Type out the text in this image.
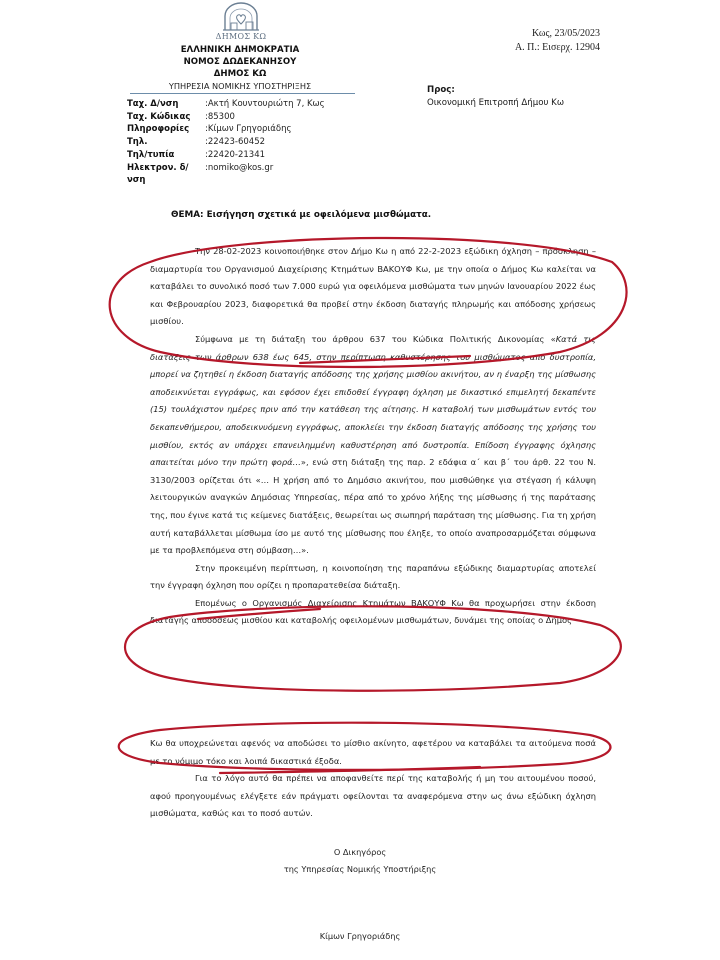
ΔΗΜΟΣ ΚΩ
ΕΛΛΗΝΙΚΗ ΔΗΜΟΚΡΑΤΙΑ
ΝΟΜΟΣ ΔΩΔΕΚΑΝΗΣΟΥ
ΔΗΜΟΣ ΚΩ
ΥΠΗΡΕΣΙΑ ΝΟΜΙΚΗΣ ΥΠΟΣΤΗΡΙΞΗΣ
Ταχ. Δ/νση	:Ακτή Κουντουριώτη 7, Κως
Ταχ. Κώδικας	:85300
Πληροφορίες	:Κίμων Γρηγοριάδης
Τηλ.	:22423-60452
Τηλ/τυπία	:22420-21341
Ηλεκτρον. δ/νση
:nomiko@kos.gr
Κως, 23/05/2023
Α. Π.: Εισερχ. 12904
Προς:
Οικονομική Επιτροπή Δήμου Κω
ΘΕΜΑ: Εισήγηση σχετικά με οφειλόμενα μισθώματα.

Την 28-02-2023 κοινοποιήθηκε στον Δήμο Κω η από 22-2-2023 εξώδικη όχληση – πρόσκληση – διαμαρτυρία του Οργανισμού Διαχείρισης Κτημάτων ΒΑΚΟΥΦ Κω, με την οποία ο Δήμος Κω καλείται να καταβάλει το συνολικό ποσό των 7.000 ευρώ για οφειλόμενα μισθώματα των μηνών Ιανουαρίου 2022 έως και Φεβρουαρίου 2023, διαφορετικά θα προβεί στην έκδοση διαταγής πληρωμής και απόδοσης χρήσεως μισθίου.

Σύμφωνα με τη διάταξη του άρθρου 637 του Κώδικα Πολιτικής Δικονομίας «Κατά τις διατάξεις των άρθρων 638 έως 645, στην περίπτωση καθυστέρησης του μισθώματος από δυστροπία, μπορεί να ζητηθεί η έκδοση διαταγής απόδοσης της χρήσης μισθίου ακινήτου, αν η έναρξη της μίσθωσης αποδεικνύεται εγγράφως, και εφόσον έχει επιδοθεί έγγραφη όχληση με δικαστικό επιμελητή δεκαπέντε (15) τουλάχιστον ημέρες πριν από την κατάθεση της αίτησης. Η καταβολή των μισθωμάτων εντός του δεκαπενθήμερου, αποδεικνυόμενη εγγράφως, αποκλείει την έκδοση διαταγής απόδοσης της χρήσης του μισθίου, εκτός αν υπάρχει επανειλημμένη καθυστέρηση από δυστροπία. Επίδοση έγγραφης όχλησης απαιτείται μόνο την πρώτη φορά…», ενώ στη διάταξη της παρ. 2 εδάφια α΄ και β΄ του άρθ. 22 του Ν. 3130/2003 ορίζεται ότι «… Η χρήση από το Δημόσιο ακινήτου, που μισθώθηκε για στέγαση ή κάλυψη λειτουργικών αναγκών Δημόσιας Υπηρεσίας, πέρα από το χρόνο λήξης της μίσθωσης ή της παράτασης της, που έγινε κατά τις κείμενες διατάξεις, θεωρείται ως σιωπηρή παράταση της μίσθωσης. Για τη χρήση αυτή καταβάλλεται μίσθωμα ίσο με αυτό της μίσθωσης που έληξε, το οποίο αναπροσαρμόζεται σύμφωνα με τα προβλεπόμενα στη σύμβαση…».

Στην προκειμένη περίπτωση, η κοινοποίηση της παραπάνω εξώδικης διαμαρτυρίας αποτελεί την έγγραφη όχληση που ορίζει η προπαρατεθείσα διάταξη.

Επομένως ο Οργανισμός Διαχείρισης Κτημάτων ΒΑΚΟΥΦ Κω θα προχωρήσει στην έκδοση διαταγής αποδόσεως μισθίου και καταβολής οφειλομένων μισθωμάτων, δυνάμει της οποίας ο Δήμος

Κω θα υποχρεώνεται αφενός να αποδώσει το μίσθιο ακίνητο, αφετέρου να καταβάλει τα αιτούμενα ποσά με το νόμιμο τόκο και λοιπά δικαστικά έξοδα.

Για το λόγο αυτό θα πρέπει να αποφανθείτε περί της καταβολής ή μη του αιτουμένου ποσού, αφού προηγουμένως ελέγξετε εάν πράγματι οφείλονται τα αναφερόμενα στην ως άνω εξώδικη όχληση μισθώματα, καθώς και το ποσό αυτών.

Ο Δικηγόρος
της Υπηρεσίας Νομικής Υποστήριξης
Κίμων Γρηγοριάδης
